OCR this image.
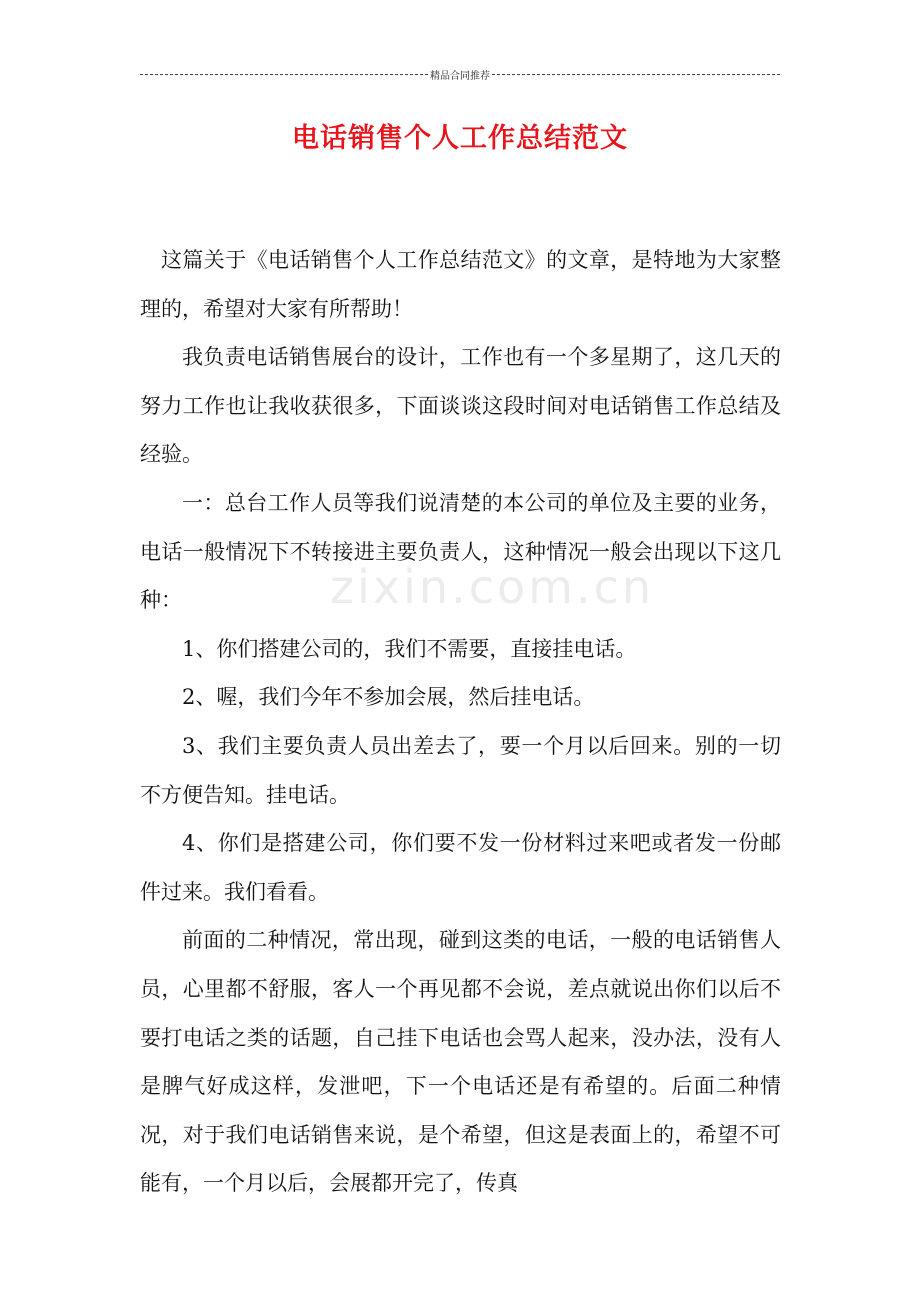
精品合同推荐
电话销售个人工作总结范文
zixin.com.cn

这篇关于《电话销售个人工作总结范文》的文章，是特地为大家整理的，希望对大家有所帮助！

我负责电话销售展台的设计，工作也有一个多星期了，这几天的努力工作也让我收获很多，下面谈谈这段时间对电话销售工作总结及经验。

一：总台工作人员等我们说清楚的本公司的单位及主要的业务，电话一般情况下不转接进主要负责人，这种情况一般会出现以下这几种：

1、你们搭建公司的，我们不需要，直接挂电话。

2、喔，我们今年不参加会展，然后挂电话。

3、我们主要负责人员出差去了，要一个月以后回来。别的一切不方便告知。挂电话。

4、你们是搭建公司，你们要不发一份材料过来吧或者发一份邮件过来。我们看看。

前面的二种情况，常出现，碰到这类的电话，一般的电话销售人员，心里都不舒服，客人一个再见都不会说，差点就说出你们以后不要打电话之类的话题，自己挂下电话也会骂人起来，没办法，没有人是脾气好成这样，发泄吧，下一个电话还是有希望的。后面二种情况，对于我们电话销售来说，是个希望，但这是表面上的，希望不可能有，一个月以后，会展都开完了，传真
